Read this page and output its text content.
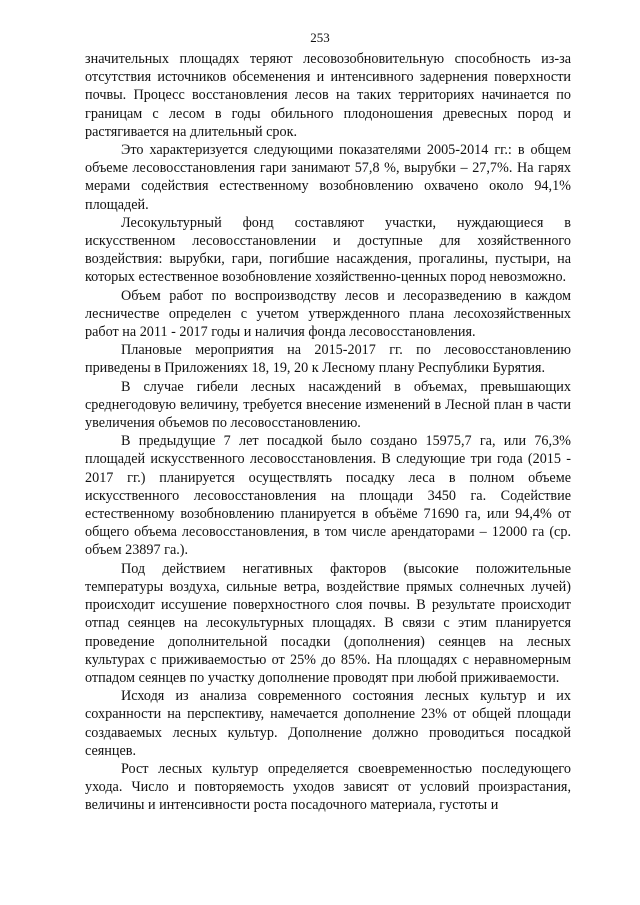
253

значительных площадях теряют лесовозобновительную способность из-за отсутствия источников обсеменения и интенсивного задернения поверхности почвы. Процесс восстановления лесов на таких территориях начинается по границам с лесом в годы обильного плодоношения древесных пород и растягивается на длительный срок.

Это характеризуется следующими показателями 2005-2014 гг.: в общем объеме лесовосстановления гари занимают 57,8 %, вырубки – 27,7%. На гарях мерами содействия естественному возобновлению охвачено около 94,1% площадей.

Лесокультурный фонд составляют участки, нуждающиеся в искусственном лесовосстановлении и доступные для хозяйственного воздействия: вырубки, гари, погибшие насаждения, прогалины, пустыри, на которых естественное возобновление хозяйственно-ценных пород невозможно.

Объем работ по воспроизводству лесов и лесоразведению в каждом лесничестве определен с учетом утвержденного плана лесохозяйственных работ на 2011 - 2017 годы и наличия фонда лесовосстановления.

Плановые мероприятия на 2015-2017 гг. по лесовосстановлению приведены в Приложениях 18, 19, 20 к Лесному плану Республики Бурятия.

В случае гибели лесных насаждений в объемах, превышающих среднегодовую величину, требуется внесение изменений в Лесной план в части увеличения объемов по лесовосстановлению.

В предыдущие 7 лет посадкой было создано 15975,7 га, или 76,3% площадей искусственного лесовосстановления. В следующие три года (2015 - 2017 гг.) планируется осуществлять посадку леса в полном объеме искусственного лесовосстановления на площади 3450 га. Содействие естественному возобновлению планируется в объёме 71690 га, или 94,4% от общего объема лесовосстановления, в том числе арендаторами – 12000 га (ср. объем 23897 га.).

Под действием негативных факторов (высокие положительные температуры воздуха, сильные ветра, воздействие прямых солнечных лучей) происходит иссушение поверхностного слоя почвы. В результате происходит отпад сеянцев на лесокультурных площадях. В связи с этим планируется проведение дополнительной посадки (дополнения) сеянцев на лесных культурах с приживаемостью от 25% до 85%. На площадях с неравномерным отпадом сеянцев по участку дополнение проводят при любой приживаемости.

Исходя из анализа современного состояния лесных культур и их сохранности на перспективу, намечается дополнение 23% от общей площади создаваемых лесных культур. Дополнение должно проводиться посадкой сеянцев.

Рост лесных культур определяется своевременностью последующего ухода. Число и повторяемость уходов зависят от условий произрастания, величины и интенсивности роста посадочного материала, густоты и
